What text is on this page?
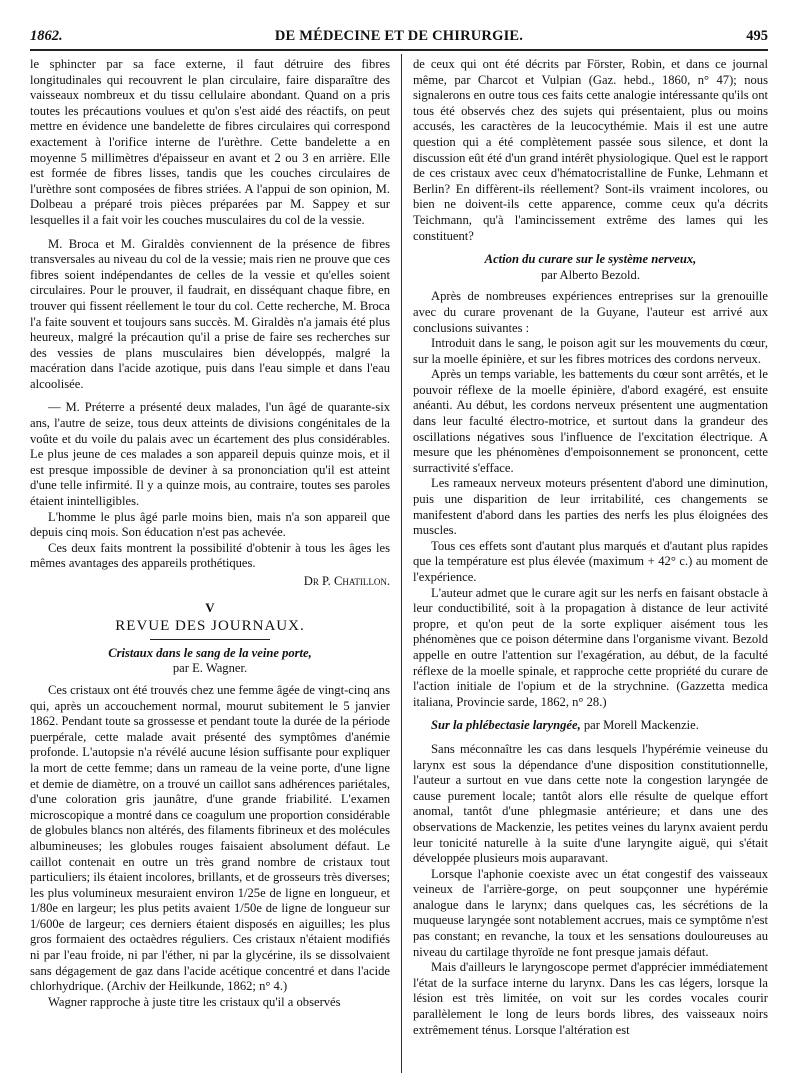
1862.	DE MÉDECINE ET DE CHIRURGIE.	495

le sphincter par sa face externe, il faut détruire des fibres longitudinales qui recouvrent le plan circulaire, faire disparaître des vaisseaux nombreux et du tissu cellulaire abondant. Quand on a pris toutes les précautions voulues et qu'on s'est aidé des réactifs, on peut mettre en évidence une bandelette de fibres circulaires qui correspond exactement à l'orifice interne de l'urèthre. Cette bandelette a en moyenne 5 millimètres d'épaisseur en avant et 2 ou 3 en arrière. Elle est formée de fibres lisses, tandis que les couches circulaires de l'urèthre sont composées de fibres striées. A l'appui de son opinion, M. Dolbeau a préparé trois pièces préparées par M. Sappey et sur lesquelles il a fait voir les couches musculaires du col de la vessie.

M. Broca et M. Giraldès conviennent de la présence de fibres transversales au niveau du col de la vessie; mais rien ne prouve que ces fibres soient indépendantes de celles de la vessie et qu'elles soient circulaires. Pour le prouver, il faudrait, en disséquant chaque fibre, en trouver qui fissent réellement le tour du col. Cette recherche, M. Broca l'a faite souvent et toujours sans succès. M. Giraldès n'a jamais été plus heureux, malgré la précaution qu'il a prise de faire ses recherches sur des vessies de plans musculaires bien développés, malgré la macération dans l'acide azotique, puis dans l'eau simple et dans l'eau alcoolisée.

— M. Préterre a présenté deux malades, l'un âgé de quarante-six ans, l'autre de seize, tous deux atteints de divisions congénitales de la voûte et du voile du palais avec un écartement des plus considérables. Le plus jeune de ces malades a son appareil depuis quinze mois, et il est presque impossible de deviner à sa prononciation qu'il est atteint d'une telle infirmité. Il y a quinze mois, au contraire, toutes ses paroles étaient inintelligibles.

L'homme le plus âgé parle moins bien, mais n'a son appareil que depuis cinq mois. Son éducation n'est pas achevée.

Ces deux faits montrent la possibilité d'obtenir à tous les âges les mêmes avantages des appareils prothétiques.

Dr P. Chatillon.
V
REVUE DES JOURNAUX.
Cristaux dans le sang de la veine porte,
par E. Wagner.

Ces cristaux ont été trouvés chez une femme âgée de vingt-cinq ans qui, après un accouchement normal, mourut subitement le 5 janvier 1862. Pendant toute sa grossesse et pendant toute la durée de la période puerpérale, cette malade avait présenté des symptômes d'anémie profonde. L'autopsie n'a révélé aucune lésion suffisante pour expliquer la mort de cette femme; dans un rameau de la veine porte, d'une ligne et demie de diamètre, on a trouvé un caillot sans adhérences pariétales, d'une coloration gris jaunâtre, d'une grande friabilité. L'examen microscopique a montré dans ce coagulum une proportion considérable de globules blancs non altérés, des filaments fibrineux et des molécules albumineuses; les globules rouges faisaient absolument défaut. Le caillot contenait en outre un très grand nombre de cristaux tout particuliers; ils étaient incolores, brillants, et de grosseurs très diverses; les plus volumineux mesuraient environ 1/25e de ligne en longueur, et 1/80e en largeur; les plus petits avaient 1/50e de ligne de longueur sur 1/600e de largeur; ces derniers étaient disposés en aiguilles; les plus gros formaient des octaèdres réguliers. Ces cristaux n'étaient modifiés ni par l'eau froide, ni par l'éther, ni par la glycérine, ils se dissolvaient sans dégagement de gaz dans l'acide acétique concentré et dans l'acide chlorhydrique. (Archiv der Heilkunde, 1862; n° 4.)

Wagner rapproche à juste titre les cristaux qu'il a observés

de ceux qui ont été décrits par Förster, Robin, et dans ce journal même, par Charcot et Vulpian (Gaz. hebd., 1860, n° 47); nous signalerons en outre tous ces faits cette analogie intéressante qu'ils ont tous été observés chez des sujets qui présentaient, plus ou moins accusés, les caractères de la leucocythémie. Mais il est une autre question qui a été complètement passée sous silence, et dont la discussion eût été d'un grand intérêt physiologique. Quel est le rapport de ces cristaux avec ceux d'hématocristalline de Funke, Lehmann et Berlin? En diffèrent-ils réellement? Sont-ils vraiment incolores, ou bien ne doivent-ils cette apparence, comme ceux qu'a décrits Teichmann, qu'à l'amincissement extrême des lames qui les constituent?

Action du curare sur le système nerveux,
par Alberto Bezold.

Après de nombreuses expériences entreprises sur la grenouille avec du curare provenant de la Guyane, l'auteur est arrivé aux conclusions suivantes :

Introduit dans le sang, le poison agit sur les mouvements du cœur, sur la moelle épinière, et sur les fibres motrices des cordons nerveux.

Après un temps variable, les battements du cœur sont arrêtés, et le pouvoir réflexe de la moelle épinière, d'abord exagéré, est ensuite anéanti. Au début, les cordons nerveux présentent une augmentation dans leur faculté électro-motrice, et surtout dans la grandeur des oscillations négatives sous l'influence de l'excitation électrique. A mesure que les phénomènes d'empoisonnement se prononcent, cette surractivité s'efface.

Les rameaux nerveux moteurs présentent d'abord une diminution, puis une disparition de leur irritabilité, ces changements se manifestent d'abord dans les parties des nerfs les plus éloignées des muscles.

Tous ces effets sont d'autant plus marqués et d'autant plus rapides que la température est plus élevée (maximum + 42° c.) au moment de l'expérience.

L'auteur admet que le curare agit sur les nerfs en faisant obstacle à leur conductibilité, soit à la propagation à distance de leur activité propre, et qu'on peut de la sorte expliquer aisément tous les phénomènes que ce poison détermine dans l'organisme vivant. Bezold appelle en outre l'attention sur l'exagération, au début, de la faculté réflexe de la moelle spinale, et rapproche cette propriété du curare de l'action initiale de l'opium et de la strychnine. (Gazzetta medica italiana, Provincie sarde, 1862, n° 28.)

Sur la phlébectasie laryngée, par Morell Mackenzie.

Sans méconnaître les cas dans lesquels l'hypérémie veineuse du larynx est sous la dépendance d'une disposition constitutionnelle, l'auteur a surtout en vue dans cette note la congestion laryngée de cause purement locale; tantôt alors elle résulte de quelque effort anomal, tantôt d'une phlegmasie antérieure; et dans une des observations de Mackenzie, les petites veines du larynx avaient perdu leur tonicité naturelle à la suite d'une laryngite aiguë, qui s'était développée plusieurs mois auparavant.

Lorsque l'aphonie coexiste avec un état congestif des vaisseaux veineux de l'arrière-gorge, on peut soupçonner une hypérémie analogue dans le larynx; dans quelques cas, les sécrétions de la muqueuse laryngée sont notablement accrues, mais ce symptôme n'est pas constant; en revanche, la toux et les sensations douloureuses au niveau du cartilage thyroïde ne font presque jamais défaut.

Mais d'ailleurs le laryngoscope permet d'apprécier immédiatement l'état de la surface interne du larynx. Dans les cas légers, lorsque la lésion est très limitée, on voit sur les cordes vocales courir parallèlement le long de leurs bords libres, des vaisseaux noirs extrêmement ténus. Lorsque l'altération est
